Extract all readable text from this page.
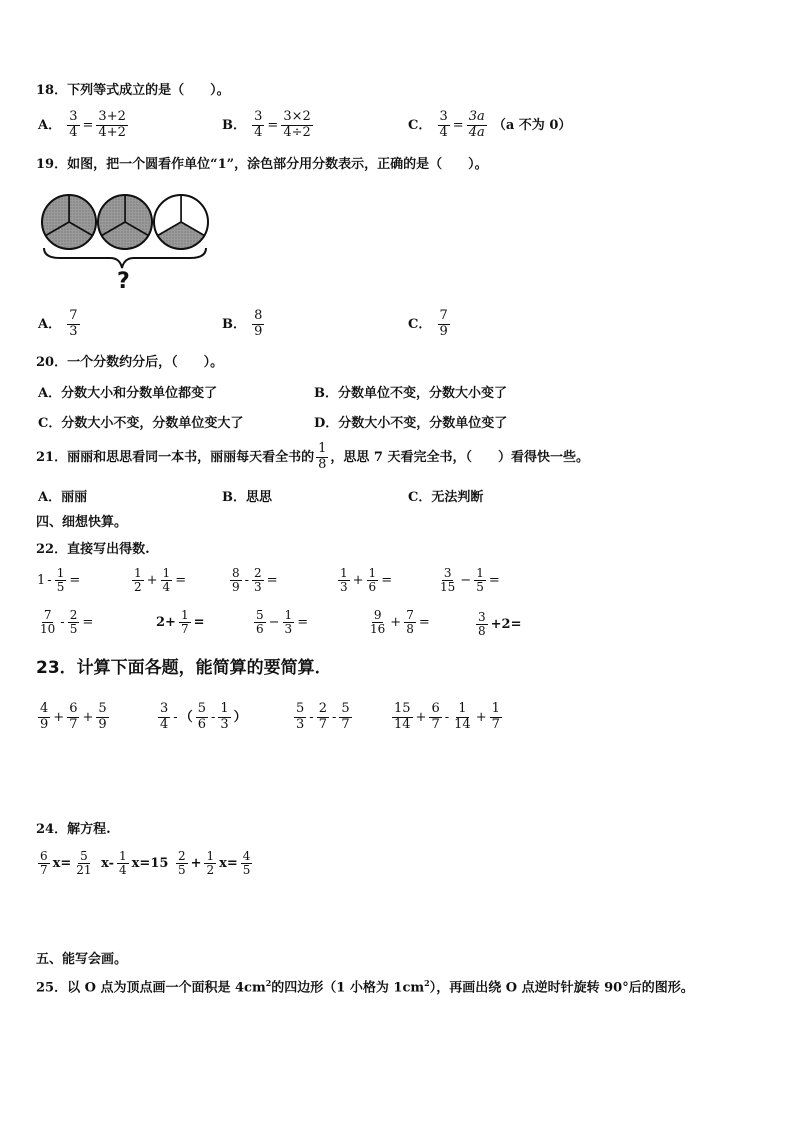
18．下列等式成立的是（　　）。
A． $\frac{3}{4} = \frac{3+2}{4+2}$	B． $\frac{3}{4} = \frac{3\times 2}{4\div 2}$	C． $\frac{3}{4} = \frac{3a}{4a} (a$ 不为 0）
19．如图，把一个圆看作单位“1”，涂色部分用分数表示，正确的是（　　）。
?
A． $\frac{7}{3}$	B． $\frac{8}{9}$	C． $\frac{7}{9}$
20．一个分数约分后，（　　）。
A．分数大小和分数单位都变了	B．分数单位不变，分数大小变了
C．分数大小不变，分数单位变大了	D．分数大小不变，分数单位变了
21．丽丽和思思看同一本书，丽丽每天看全书的 $\frac{1}{8}$ ，思思 7 天看完全书，（　　）看得快一些。
A．丽丽	B．思思	C．无法判断
四、细想快算。
22．直接写出得数.
$1 - \frac{1}{5}$ =	$\frac{1}{2} + \frac{1}{4}$ =	$\frac{8}{9} - \frac{2}{3}$ =	$\frac{1}{3} + \frac{1}{6}$ =	$\frac{3}{15} - \frac{1}{5}$ =
$\frac{7}{10} - \frac{2}{5}$ =	$2+ \frac{1}{7}$ =	$\frac{5}{6} - \frac{1}{3}$ =	$\frac{9}{16} + \frac{7}{8}$ =	$\frac{3}{8} +2=$
23．计算下面各题，能简算的要简算．
$\frac{4}{9} + \frac{6}{7} + \frac{5}{9}$	$\frac{3}{4}$ - （ $\frac{5}{6} - \frac{1}{3}$ ）	$\frac{5}{3} - \frac{2}{7} - \frac{5}{7}$	$\frac{15}{14} + \frac{6}{7} - \frac{1}{14} + \frac{1}{7}$
24．解方程.
$\frac{6}{7} x= \frac{5}{21} x- \frac{1}{4} x=15 \frac{2}{5} + \frac{1}{2} x= \frac{4}{5}$
五、能写会画。
25．以 O 点为顶点画一个面积是 $4cm^2$的四边形（1 小格为 $1cm^2$），再画出绕 O 点逆时针旋转 90°后的图形。
